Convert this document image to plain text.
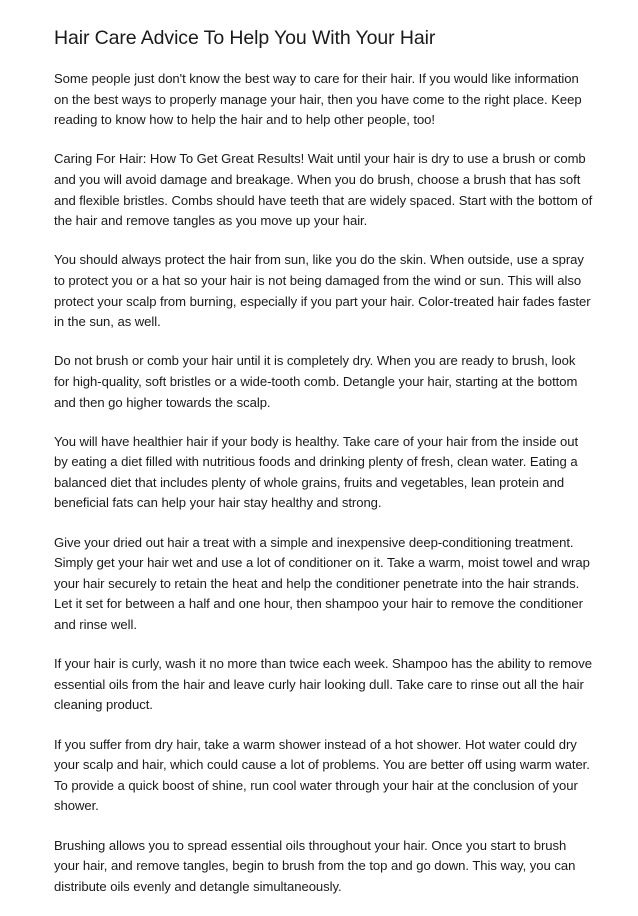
Hair Care Advice To Help You With Your Hair

Some people just don't know the best way to care for their hair. If you would like information on the best ways to properly manage your hair, then you have come to the right place. Keep reading to know how to help the hair and to help other people, too!

Caring For Hair: How To Get Great Results! Wait until your hair is dry to use a brush or comb and you will avoid damage and breakage. When you do brush, choose a brush that has soft and flexible bristles. Combs should have teeth that are widely spaced. Start with the bottom of the hair and remove tangles as you move up your hair.

You should always protect the hair from sun, like you do the skin. When outside, use a spray to protect you or a hat so your hair is not being damaged from the wind or sun. This will also protect your scalp from burning, especially if you part your hair. Color-treated hair fades faster in the sun, as well.

Do not brush or comb your hair until it is completely dry. When you are ready to brush, look for high-quality, soft bristles or a wide-tooth comb. Detangle your hair, starting at the bottom and then go higher towards the scalp.

You will have healthier hair if your body is healthy. Take care of your hair from the inside out by eating a diet filled with nutritious foods and drinking plenty of fresh, clean water. Eating a balanced diet that includes plenty of whole grains, fruits and vegetables, lean protein and beneficial fats can help your hair stay healthy and strong.

Give your dried out hair a treat with a simple and inexpensive deep-conditioning treatment. Simply get your hair wet and use a lot of conditioner on it. Take a warm, moist towel and wrap your hair securely to retain the heat and help the conditioner penetrate into the hair strands. Let it set for between a half and one hour, then shampoo your hair to remove the conditioner and rinse well.

If your hair is curly, wash it no more than twice each week. Shampoo has the ability to remove essential oils from the hair and leave curly hair looking dull. Take care to rinse out all the hair cleaning product.

If you suffer from dry hair, take a warm shower instead of a hot shower. Hot water could dry your scalp and hair, which could cause a lot of problems. You are better off using warm water. To provide a quick boost of shine, run cool water through your hair at the conclusion of your shower.

Brushing allows you to spread essential oils throughout your hair. Once you start to brush your hair, and remove tangles, begin to brush from the top and go down. This way, you can distribute oils evenly and detangle simultaneously.
